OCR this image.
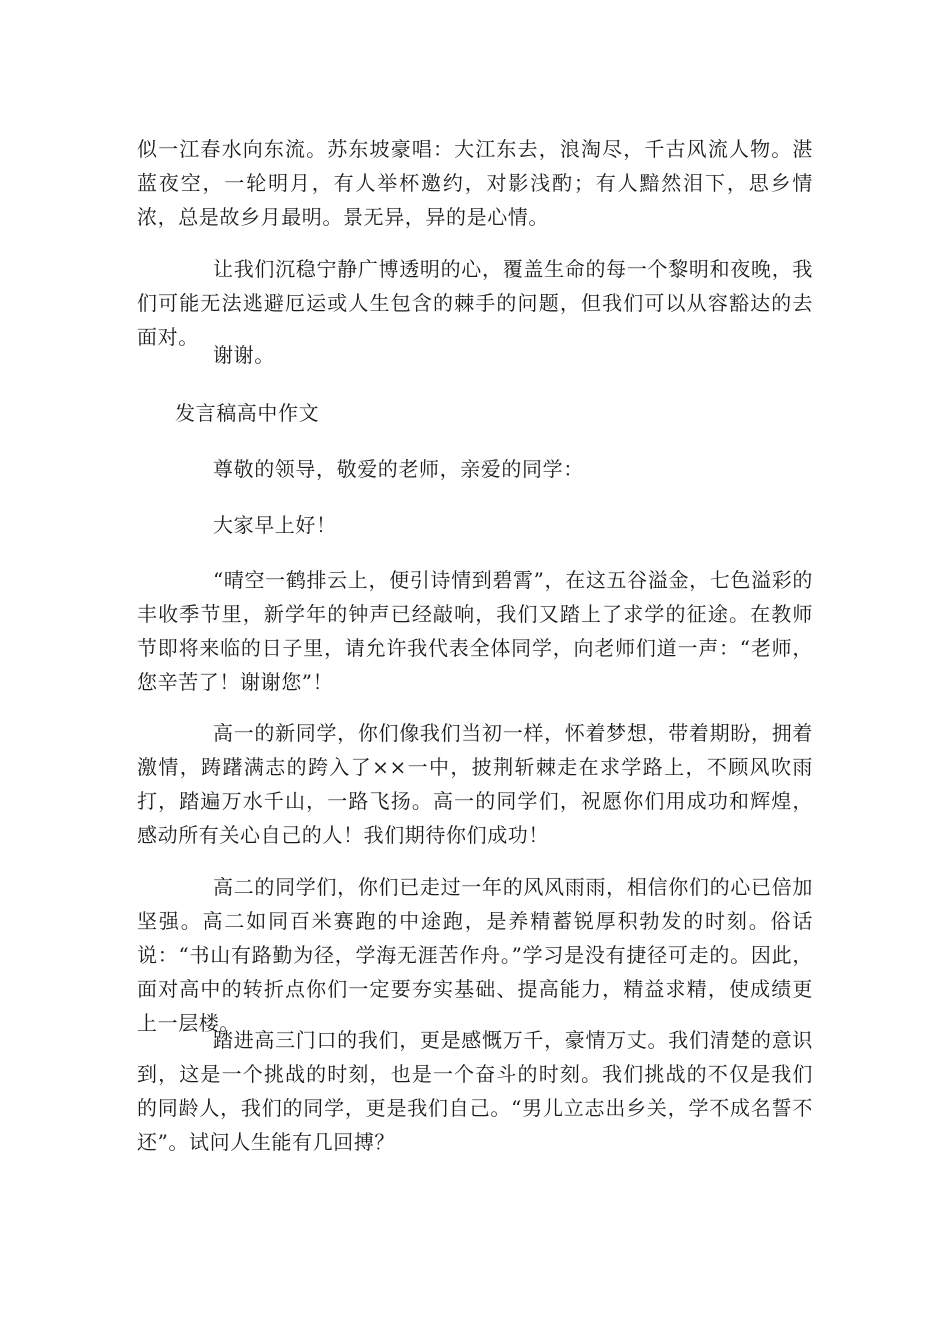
似一江春水向东流。苏东坡豪唱：大江东去，浪淘尽，千古风流人物。湛蓝夜空，一轮明月，有人举杯邀约，对影浅酌；有人黯然泪下，思乡情浓，总是故乡月最明。景无异，异的是心情。

让我们沉稳宁静广博透明的心，覆盖生命的每一个黎明和夜晚，我们可能无法逃避厄运或人生包含的棘手的问题，但我们可以从容豁达的去面对。

谢谢。

发言稿高中作文

尊敬的领导，敬爱的老师，亲爱的同学：

大家早上好！

“晴空一鹤排云上，便引诗情到碧霄”，在这五谷溢金，七色溢彩的丰收季节里，新学年的钟声已经敲响，我们又踏上了求学的征途。在教师节即将来临的日子里，请允许我代表全体同学，向老师们道一声：“老师，您辛苦了！谢谢您”！

高一的新同学，你们像我们当初一样，怀着梦想，带着期盼，拥着激情，踌躇满志的跨入了××一中，披荆斩棘走在求学路上，不顾风吹雨打，踏遍万水千山，一路飞扬。高一的同学们，祝愿你们用成功和辉煌，感动所有关心自己的人！我们期待你们成功！

高二的同学们，你们已走过一年的风风雨雨，相信你们的心已倍加坚强。高二如同百米赛跑的中途跑，是养精蓄锐厚积勃发的时刻。俗话说：“书山有路勤为径，学海无涯苦作舟。”学习是没有捷径可走的。因此，面对高中的转折点你们一定要夯实基础、提高能力，精益求精，使成绩更上一层楼。

踏进高三门口的我们，更是感慨万千，豪情万丈。我们清楚的意识到，这是一个挑战的时刻，也是一个奋斗的时刻。我们挑战的不仅是我们的同龄人，我们的同学，更是我们自己。“男儿立志出乡关，学不成名誓不还”。试问人生能有几回搏？
